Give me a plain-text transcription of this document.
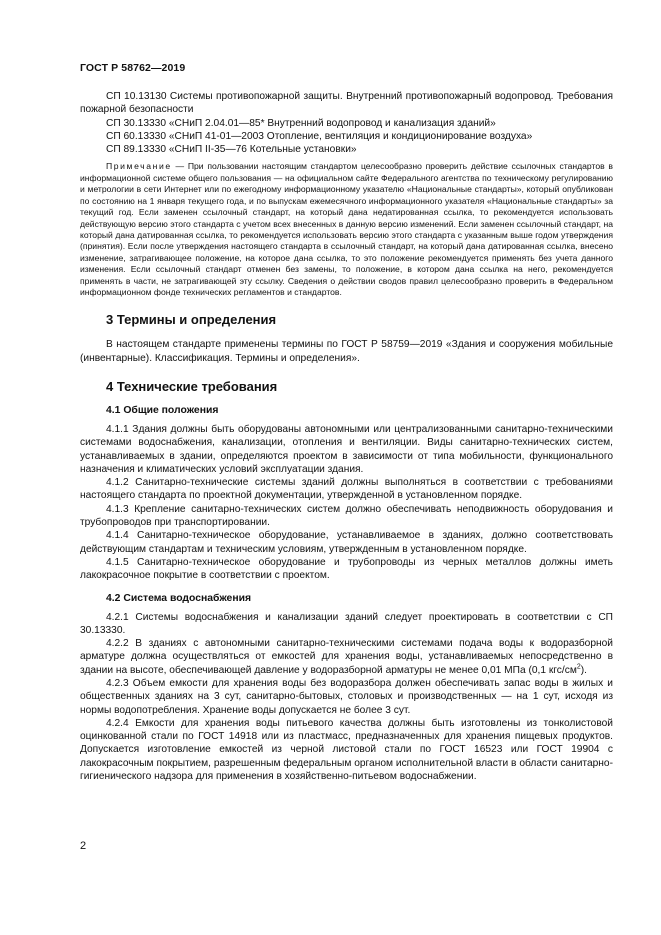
ГОСТ Р 58762—2019

СП 10.13130 Системы противопожарной защиты. Внутренний противопожарный водопровод. Требования пожарной безопасности

СП 30.13330 «СНиП 2.04.01—85* Внутренний водопровод и канализация зданий»

СП 60.13330 «СНиП 41-01—2003 Отопление, вентиляция и кондиционирование воздуха»

СП 89.13330 «СНиП II-35—76 Котельные установки»

Примечание — При пользовании настоящим стандартом целесообразно проверить действие ссылочных стандартов в информационной системе общего пользования — на официальном сайте Федерального агентства по техническому регулированию и метрологии в сети Интернет или по ежегодному информационному указателю «Национальные стандарты», который опубликован по состоянию на 1 января текущего года, и по выпускам ежемесячного информационного указателя «Национальные стандарты» за текущий год. Если заменен ссылочный стандарт, на который дана недатированная ссылка, то рекомендуется использовать действующую версию этого стандарта с учетом всех внесенных в данную версию изменений. Если заменен ссылочный стандарт, на который дана датированная ссылка, то рекомендуется использовать версию этого стандарта с указанным выше годом утверждения (принятия). Если после утверждения настоящего стандарта в ссылочный стандарт, на который дана датированная ссылка, внесено изменение, затрагивающее положение, на которое дана ссылка, то это положение рекомендуется применять без учета данного изменения. Если ссылочный стандарт отменен без замены, то положение, в котором дана ссылка на него, рекомендуется применять в части, не затрагивающей эту ссылку. Сведения о действии сводов правил целесообразно проверить в Федеральном информационном фонде технических регламентов и стандартов.

3 Термины и определения

В настоящем стандарте применены термины по ГОСТ Р 58759—2019 «Здания и сооружения мобильные (инвентарные). Классификация. Термины и определения».

4 Технические требования
4.1 Общие положения

4.1.1 Здания должны быть оборудованы автономными или централизованными санитарно-техническими системами водоснабжения, канализации, отопления и вентиляции. Виды санитарно-технических систем, устанавливаемых в здании, определяются проектом в зависимости от типа мобильности, функционального назначения и климатических условий эксплуатации здания.

4.1.2 Санитарно-технические системы зданий должны выполняться в соответствии с требованиями настоящего стандарта по проектной документации, утвержденной в установленном порядке.

4.1.3 Крепление санитарно-технических систем должно обеспечивать неподвижность оборудования и трубопроводов при транспортировании.

4.1.4 Санитарно-техническое оборудование, устанавливаемое в зданиях, должно соответствовать действующим стандартам и техническим условиям, утвержденным в установленном порядке.

4.1.5 Санитарно-техническое оборудование и трубопроводы из черных металлов должны иметь лакокрасочное покрытие в соответствии с проектом.

4.2 Система водоснабжения

4.2.1 Системы водоснабжения и канализации зданий следует проектировать в соответствии с СП 30.13330.

4.2.2 В зданиях с автономными санитарно-техническими системами подача воды к водоразборной арматуре должна осуществляться от емкостей для хранения воды, устанавливаемых непосредственно в здании на высоте, обеспечивающей давление у водоразборной арматуры не менее 0,01 МПа (0,1 кгс/$см^2$).

4.2.3 Объем емкости для хранения воды без водоразбора должен обеспечивать запас воды в жилых и общественных зданиях на 3 сут, санитарно-бытовых, столовых и производственных — на 1 сут, исходя из нормы водопотребления. Хранение воды допускается не более 3 сут.

4.2.4 Емкости для хранения воды питьевого качества должны быть изготовлены из тонколистовой оцинкованной стали по ГОСТ 14918 или из пластмасс, предназначенных для хранения пищевых продуктов. Допускается изготовление емкостей из черной листовой стали по ГОСТ 16523 или ГОСТ 19904 с лакокрасочным покрытием, разрешенным федеральным органом исполнительной власти в области санитарно-гигиенического надзора для применения в хозяйственно-питьевом водоснабжении.

2
